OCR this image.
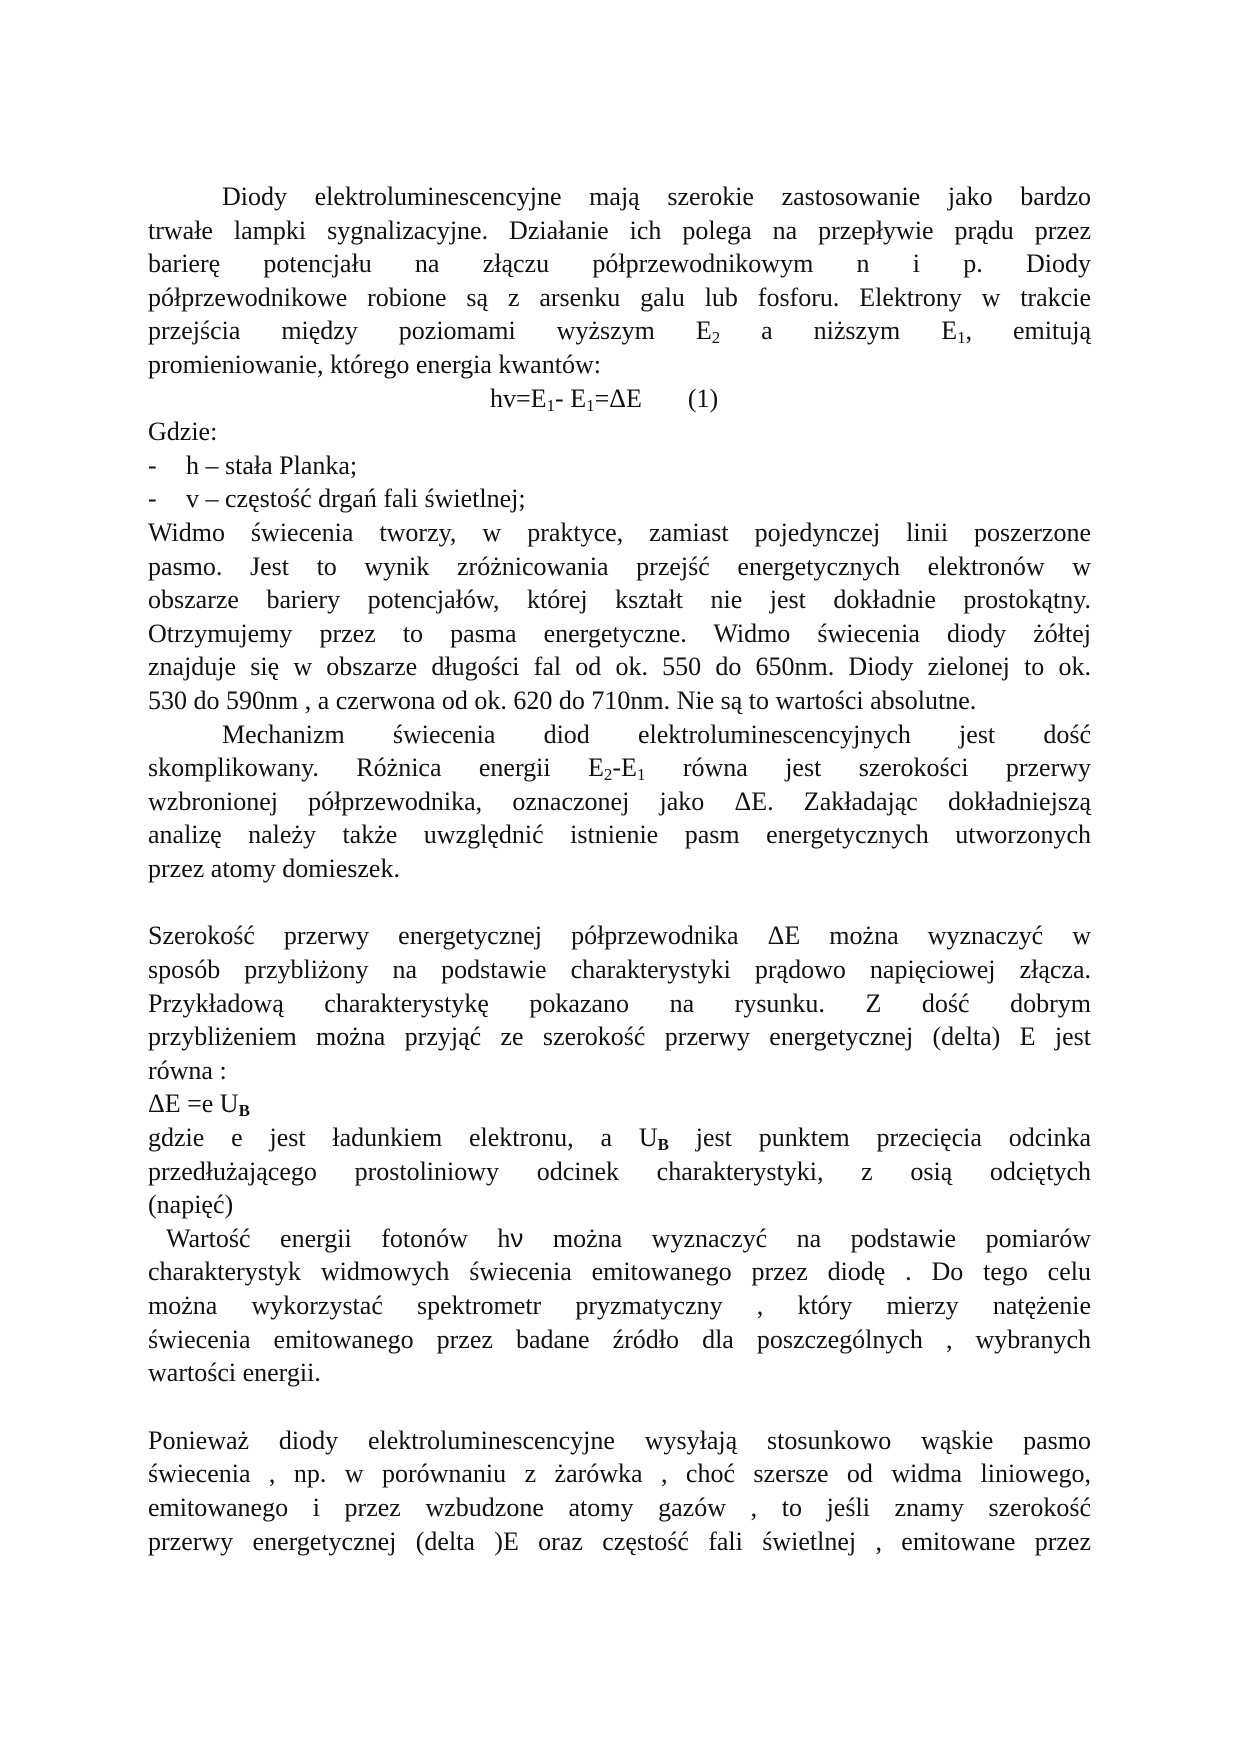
Diody elektroluminescencyjne mają szerokie zastosowanie jako bardzo
trwałe lampki sygnalizacyjne. Działanie ich polega na przepływie prądu przez
barierę potencjału na złączu półprzewodnikowym n i p. Diody
półprzewodnikowe robione są z arsenku galu lub fosforu. Elektrony w trakcie
przejścia między poziomami wyższym $E_2$ a niższym $E_1$, emitują
promieniowanie, którego energia kwantów:

$hv=E_1-$ $E_1=\Delta E$ (1)

Gdzie:

- h – stała Planka;

- v – częstość drgań fali świetlnej;

Widmo świecenia tworzy, w praktyce, zamiast pojedynczej linii poszerzone
pasmo. Jest to wynik zróżnicowania przejść energetycznych elektronów w
obszarze bariery potencjałów, której kształt nie jest dokładnie prostokątny.
Otrzymujemy przez to pasma energetyczne. Widmo świecenia diody żółtej
znajduje się w obszarze długości fal od ok. 550 do 650nm. Diody zielonej to ok.
530 do 590nm , a czerwona od ok. 620 do 710nm. Nie są to wartości absolutne.
Mechanizm świecenia diod elektroluminescencyjnych jest dość
skomplikowany. Różnica energii $E_2-E_1$ równa jest szerokości przerwy
wzbronionej półprzewodnika, oznaczonej jako ΔE. Zakładając dokładniejszą
analizę należy także uwzględnić istnienie pasm energetycznych utworzonych
przez atomy domieszek.
Szerokość przerwy energetycznej półprzewodnika ΔE można wyznaczyć w
sposób przybliżony na podstawie charakterystyki prądowo napięciowej złącza.
Przykładową charakterystykę pokazano na rysunku. Z dość dobrym
przybliżeniem można przyjąć ze szerokość przerwy energetycznej (delta) E jest
równa :

ΔE =e $U_B$

gdzie e jest ładunkiem elektronu, a $U_B$ jest punktem przecięcia odcinka
przedłużającego prostoliniowy odcinek charakterystyki, z osią odciętych
(napięć)
Wartość energii fotonów hν można wyznaczyć na podstawie pomiarów
charakterystyk widmowych świecenia emitowanego przez diodę . Do tego celu
można wykorzystać spektrometr pryzmatyczny , który mierzy natężenie
świecenia emitowanego przez badane źródło dla poszczególnych , wybranych
wartości energii.
Ponieważ diody elektroluminescencyjne wysyłają stosunkowo wąskie pasmo
świecenia , np. w porównaniu z żarówka , choć szersze od widma liniowego,
emitowanego i przez wzbudzone atomy gazów , to jeśli znamy szerokość
przerwy energetycznej (delta )E oraz częstość fali świetlnej , emitowane przez
